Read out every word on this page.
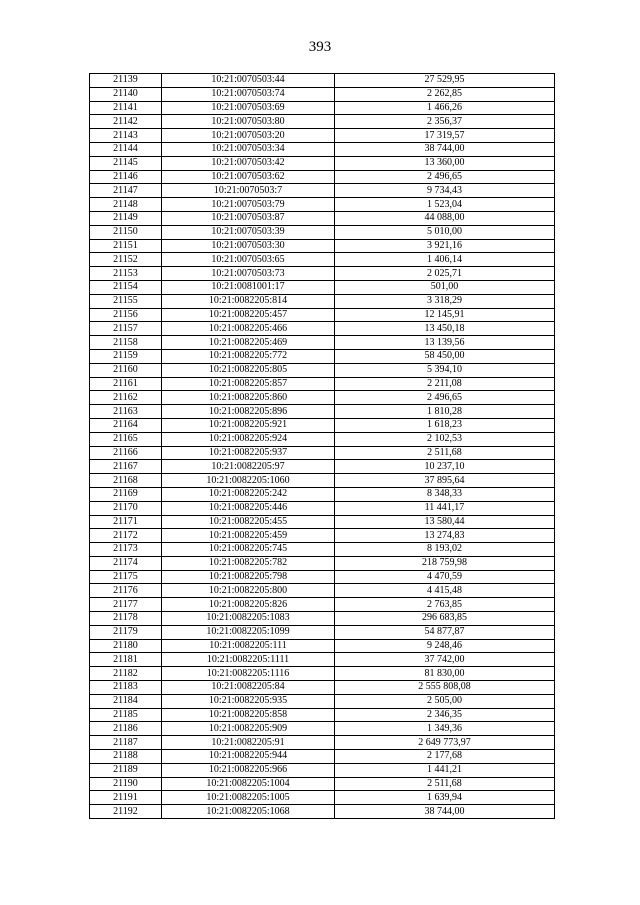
393
21139	10:21:0070503:44	27 529,95
21140	10:21:0070503:74	2 262,85
21141	10:21:0070503:69	1 466,26
21142	10:21:0070503:80	2 356,37
21143	10:21:0070503:20	17 319,57
21144	10:21:0070503:34	38 744,00
21145	10:21:0070503:42	13 360,00
21146	10:21:0070503:62	2 496,65
21147	10:21:0070503:7	9 734,43
21148	10:21:0070503:79	1 523,04
21149	10:21:0070503:87	44 088,00
21150	10:21:0070503:39	5 010,00
21151	10:21:0070503:30	3 921,16
21152	10:21:0070503:65	1 406,14
21153	10:21:0070503:73	2 025,71
21154	10:21:0081001:17	501,00
21155	10:21:0082205:814	3 318,29
21156	10:21:0082205:457	12 145,91
21157	10:21:0082205:466	13 450,18
21158	10:21:0082205:469	13 139,56
21159	10:21:0082205:772	58 450,00
21160	10:21:0082205:805	5 394,10
21161	10:21:0082205:857	2 211,08
21162	10:21:0082205:860	2 496,65
21163	10:21:0082205:896	1 810,28
21164	10:21:0082205:921	1 618,23
21165	10:21:0082205:924	2 102,53
21166	10:21:0082205:937	2 511,68
21167	10:21:0082205:97	10 237,10
21168	10:21:0082205:1060	37 895,64
21169	10:21:0082205:242	8 348,33
21170	10:21:0082205:446	11 441,17
21171	10:21:0082205:455	13 580,44
21172	10:21:0082205:459	13 274,83
21173	10:21:0082205:745	8 193,02
21174	10:21:0082205:782	218 759,98
21175	10:21:0082205:798	4 470,59
21176	10:21:0082205:800	4 415,48
21177	10:21:0082205:826	2 763,85
21178	10:21:0082205:1083	296 683,85
21179	10:21:0082205:1099	54 877,87
21180	10:21:0082205:111	9 248,46
21181	10:21:0082205:1111	37 742,00
21182	10:21:0082205:1116	81 830,00
21183	10:21:0082205:84	2 555 808,08
21184	10:21:0082205:935	2 505,00
21185	10:21:0082205:858	2 346,35
21186	10:21:0082205:909	1 349,36
21187	10:21:0082205:91	2 649 773,97
21188	10:21:0082205:944	2 177,68
21189	10:21:0082205:966	1 441,21
21190	10:21:0082205:1004	2 511,68
21191	10:21:0082205:1005	1 639,94
21192	10:21:0082205:1068	38 744,00
